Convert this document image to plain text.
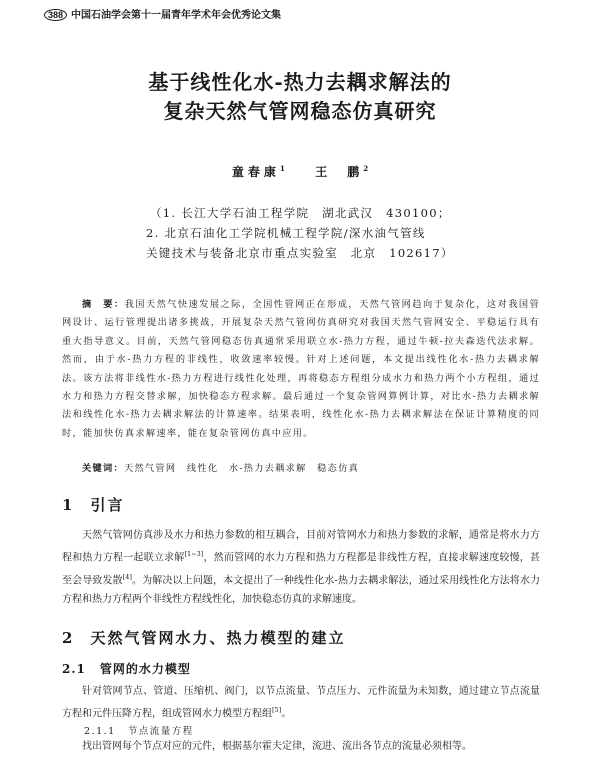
388 中国石油学会第十一届青年学术年会优秀论文集
基于线性化水-热力去耦求解法的
复杂天然气管网稳态仿真研究
童春康$^1$	王　鹏$^2$
（1. 长江大学石油工程学院　湖北武汉　430100；
2. 北京石油化工学院机械工程学院/深水油气管线
关键技术与装备北京市重点实验室　北京　102617）
摘　要：我国天然气快速发展之际，全国性管网正在形成，天然气管网趋向于复杂化，这对我国管网设计、运行管理提出诸多挑战，开展复杂天然气管网仿真研究对我国天然气管网安全、平稳运行具有重大指导意义。目前，天然气管网稳态仿真通常采用联立水-热力方程，通过牛顿-拉夫森迭代法求解。然而，由于水-热力方程的非线性，收敛速率较慢。针对上述问题，本文提出线性化水-热力去耦求解法。该方法将非线性水-热力方程进行线性化处理，再将稳态方程组分成水力和热力两个小方程组，通过水力和热力方程交替求解，加快稳态方程求解。最后通过一个复杂管网算例计算，对比水-热力去耦求解法和线性化水-热力去耦求解法的计算速率。结果表明，线性化水-热力去耦求解法在保证计算精度的同时，能加快仿真求解速率，能在复杂管网仿真中应用。
关键词：天然气管网　线性化　水-热力去耦求解　稳态仿真
1 引言
天然气管网仿真涉及水力和热力参数的相互耦合，目前对管网水力和热力参数的求解，通常是将水力方程和热力方程一起联立求解[1~3]，然而管网的水力方程和热力方程都是非线性方程，直接求解速度较慢，甚至会导致发散[4]。为解决以上问题，本文提出了一种线性化水-热力去耦求解法，通过采用线性化方法将水力方程和热力方程两个非线性方程线性化，加快稳态仿真的求解速度。
2 天然气管网水力、热力模型的建立
2.1 管网的水力模型
针对管网节点、管道、压缩机、阀门，以节点流量、节点压力、元件流量为未知数，通过建立节点流量方程和元件压降方程，组成管网水力模型方程组[5]。
2.1.1 节点流量方程
找出管网每个节点对应的元件，根据基尔霍夫定律，流进、流出各节点的流量必须相等。
